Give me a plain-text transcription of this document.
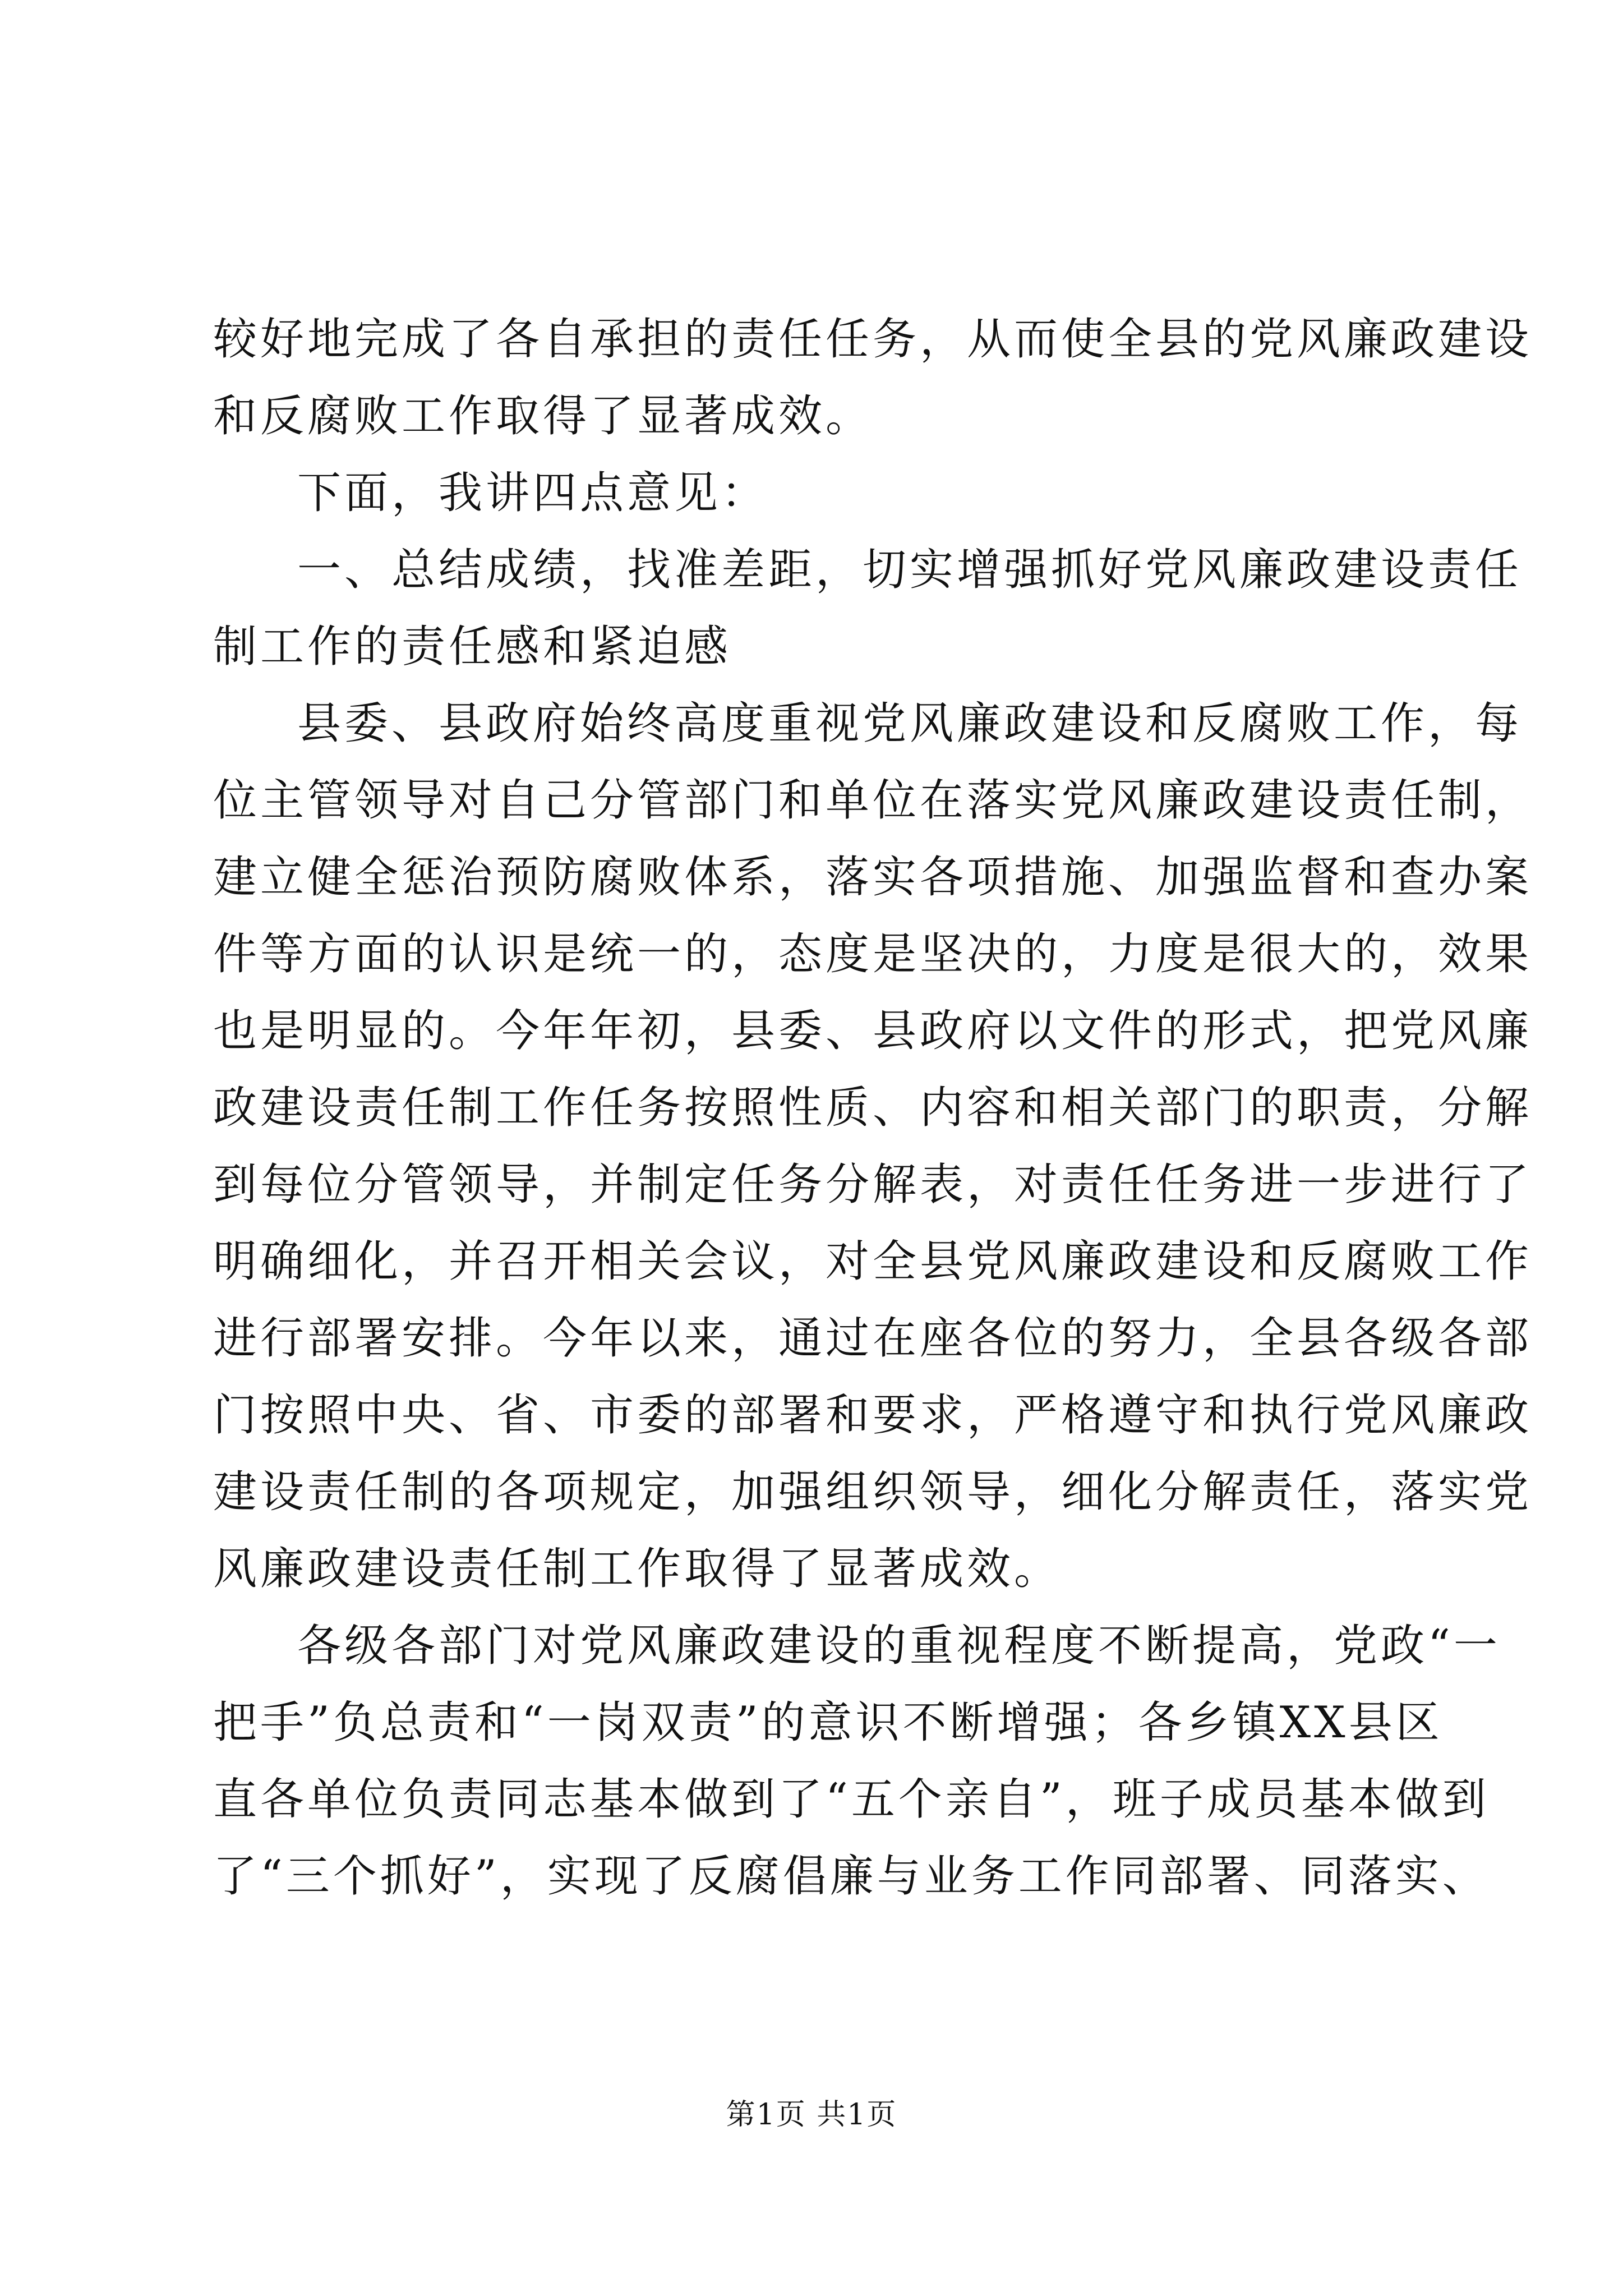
较好地完成了各自承担的责任任务，从而使全县的党风廉政建设
和反腐败工作取得了显著成效。
下面，我讲四点意见：
一、总结成绩，找准差距，切实增强抓好党风廉政建设责任
制工作的责任感和紧迫感
县委、县政府始终高度重视党风廉政建设和反腐败工作，每
位主管领导对自己分管部门和单位在落实党风廉政建设责任制，
建立健全惩治预防腐败体系，落实各项措施、加强监督和查办案
件等方面的认识是统一的，态度是坚决的，力度是很大的，效果
也是明显的。今年年初，县委、县政府以文件的形式，把党风廉
政建设责任制工作任务按照性质、内容和相关部门的职责，分解
到每位分管领导，并制定任务分解表，对责任任务进一步进行了
明确细化，并召开相关会议，对全县党风廉政建设和反腐败工作
进行部署安排。今年以来，通过在座各位的努力，全县各级各部
门按照中央、省、市委的部署和要求，严格遵守和执行党风廉政
建设责任制的各项规定，加强组织领导，细化分解责任，落实党
风廉政建设责任制工作取得了显著成效。
各级各部门对党风廉政建设的重视程度不断提高，党政“一
把手”负总责和“一岗双责”的意识不断增强；各乡镇XX县区
直各单位负责同志基本做到了“五个亲自”，班子成员基本做到
了“三个抓好”，实现了反腐倡廉与业务工作同部署、同落实、
第1页 共1页
